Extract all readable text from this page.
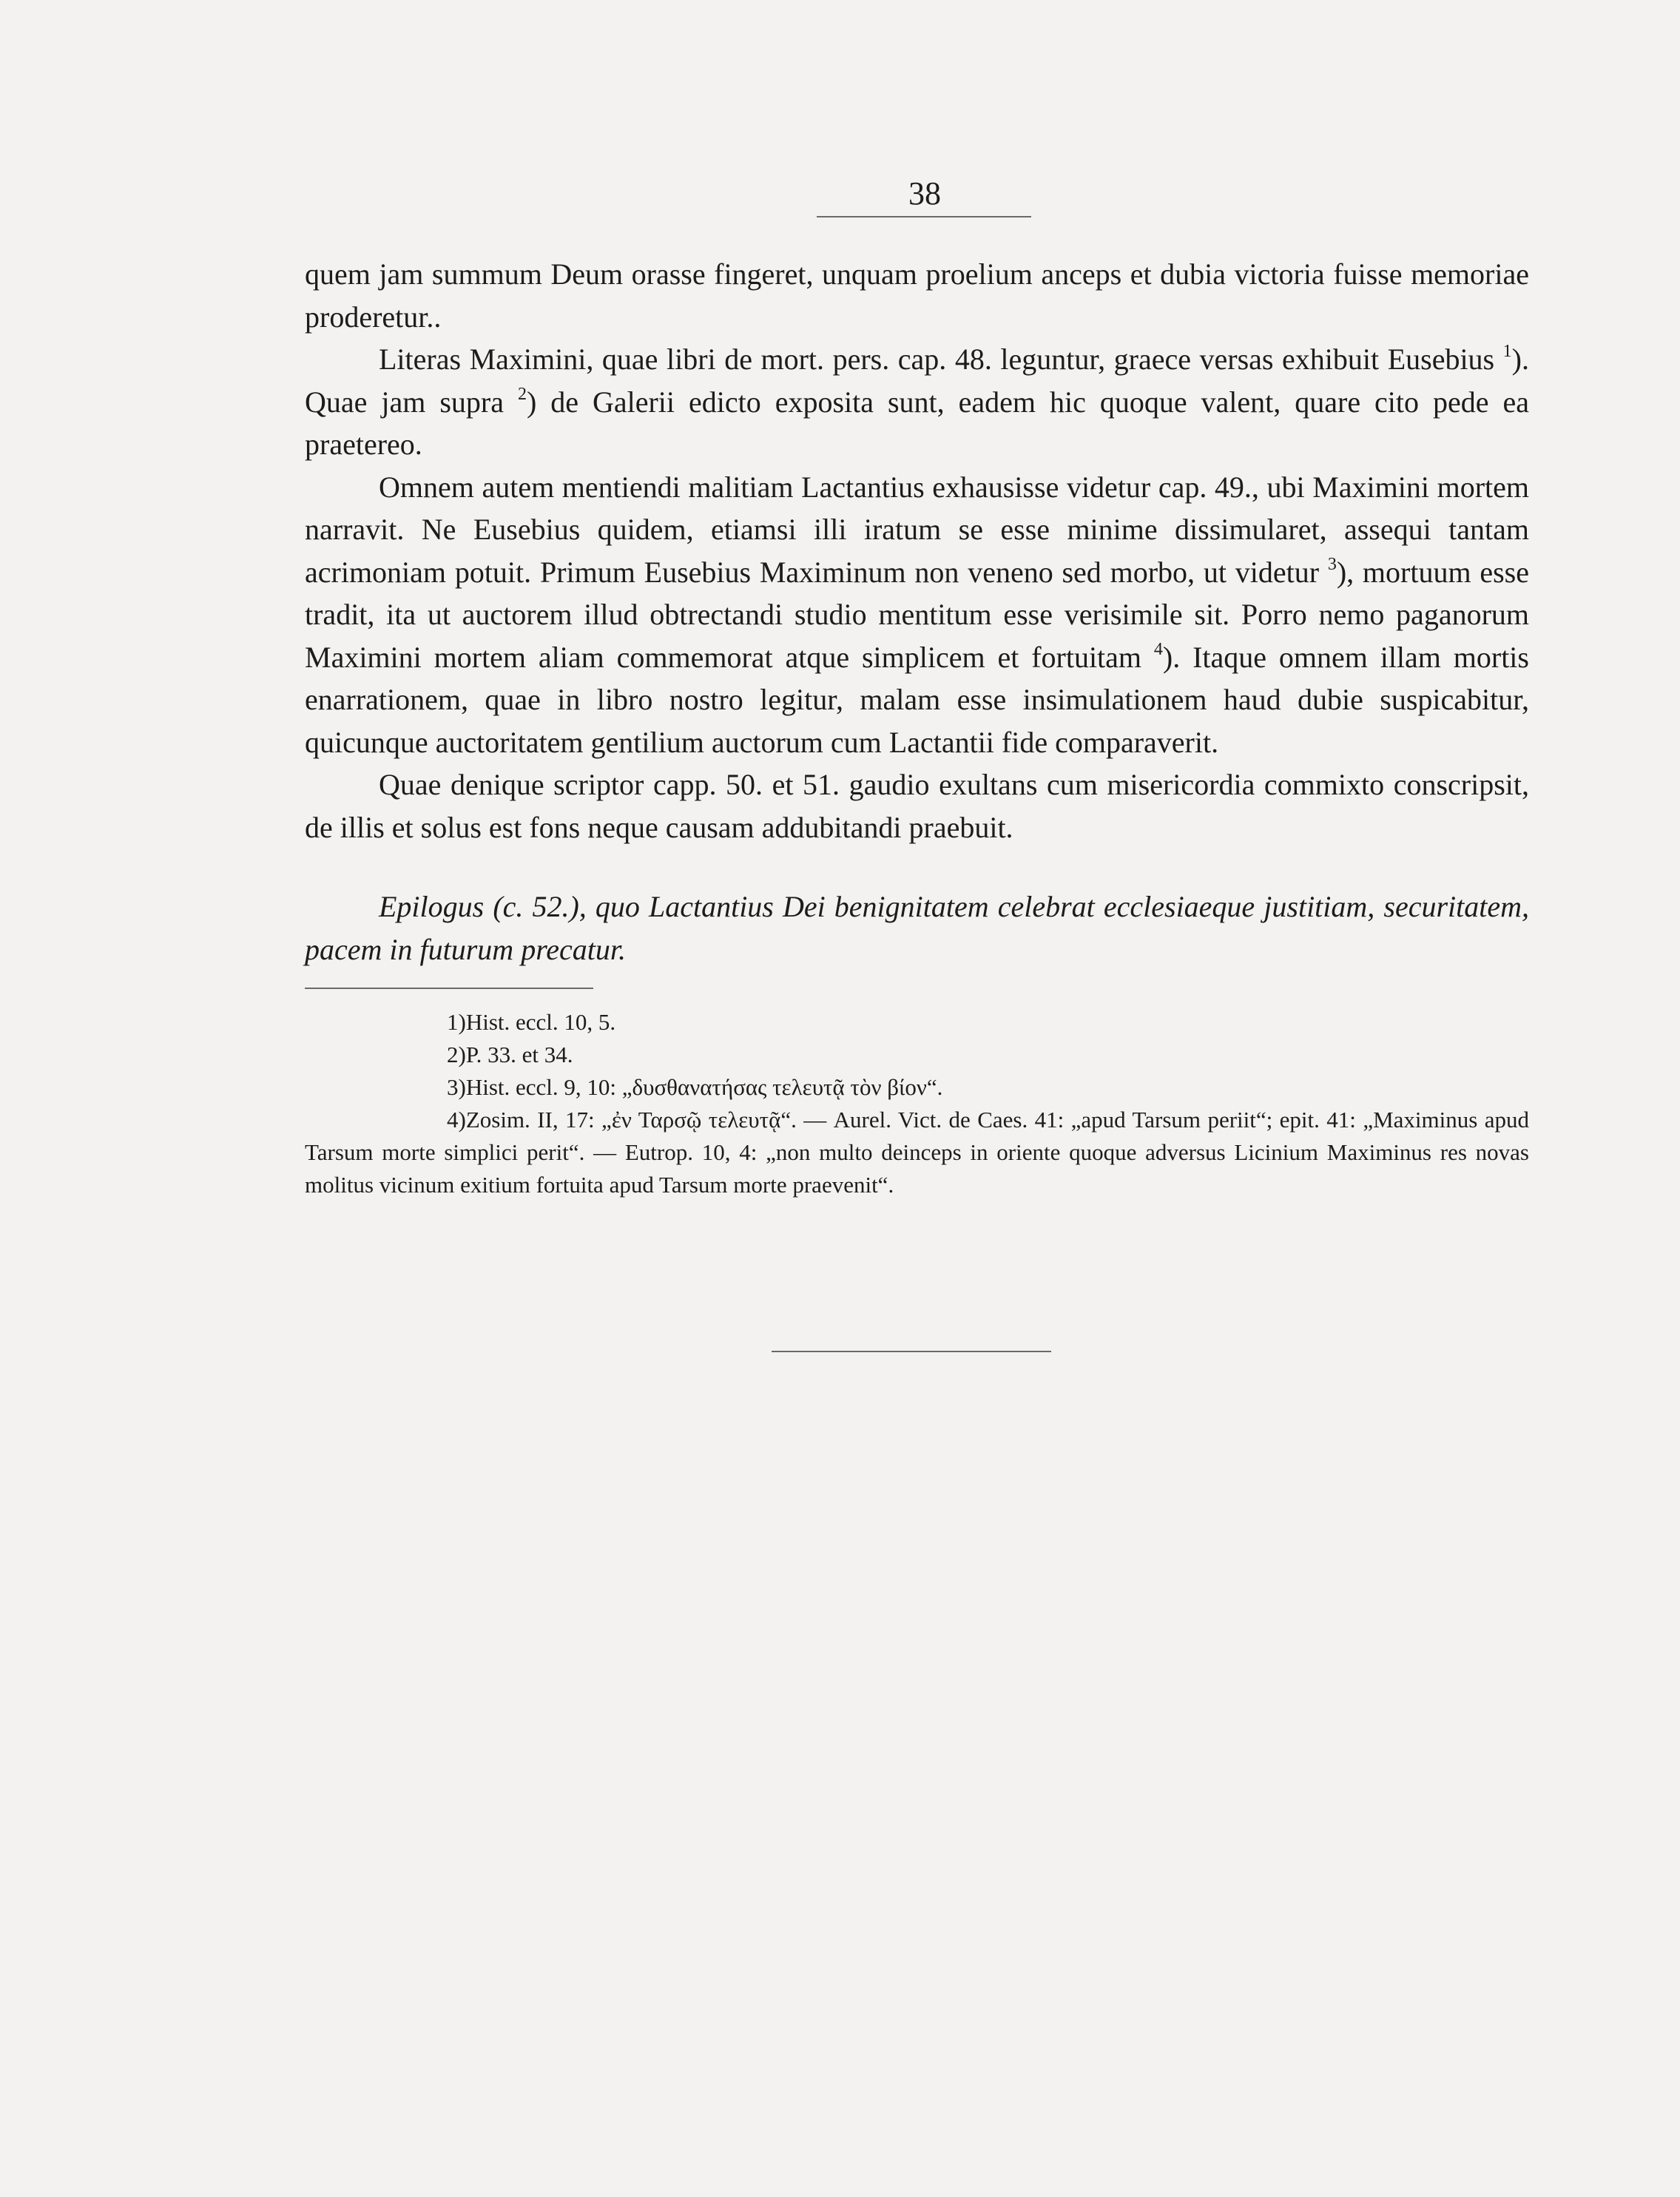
38

quem jam summum Deum orasse fingeret, unquam proelium anceps et dubia victoria fuisse memoriae proderetur..

Literas Maximini, quae libri de mort. pers. cap. 48. leguntur, graece versas exhibuit Eusebius $^1$). Quae jam supra $^2$) de Galerii edicto exposita sunt, eadem hic quoque valent, quare cito pede ea praetereo.

Omnem autem mentiendi malitiam Lactantius exhausisse videtur cap. 49., ubi Maximini mortem narravit. Ne Eusebius quidem, etiamsi illi iratum se esse minime dissimularet, assequi tantam acrimoniam potuit. Primum Eusebius Maximinum non veneno sed morbo, ut videtur $^3$), mortuum esse tradit, ita ut auctorem illud obtrectandi studio mentitum esse verisimile sit. Porro nemo paganorum Maximini mortem aliam commemorat atque simplicem et fortuitam $^4$). Itaque omnem illam mortis enarrationem, quae in libro nostro legitur, malam esse insimulationem haud dubie suspicabitur, quicunque auctoritatem gentilium auctorum cum Lactantii fide comparaverit.

Quae denique scriptor capp. 50. et 51. gaudio exultans cum misericordia commixto conscripsit, de illis et solus est fons neque causam addubitandi praebuit.

Epilogus (c. 52.), quo Lactantius Dei benignitatem celebrat ecclesiaeque justitiam, securitatem, pacem in futurum precatur.

1)Hist. eccl. 10, 5.

2)P. 33. et 34.

3)Hist. eccl. 9, 10: „δυσθανατήσας τελευτᾷ τὸν βίον“.

4)Zosim. II, 17: „ἐν Ταρσῷ τελευτᾷ“. — Aurel. Vict. de Caes. 41: „apud Tarsum periit“; epit. 41: „Maximinus apud Tarsum morte simplici perit“. — Eutrop. 10, 4: „non multo deinceps in oriente quoque adversus Licinium Maximinus res novas molitus vicinum exitium fortuita apud Tarsum morte praevenit“.
